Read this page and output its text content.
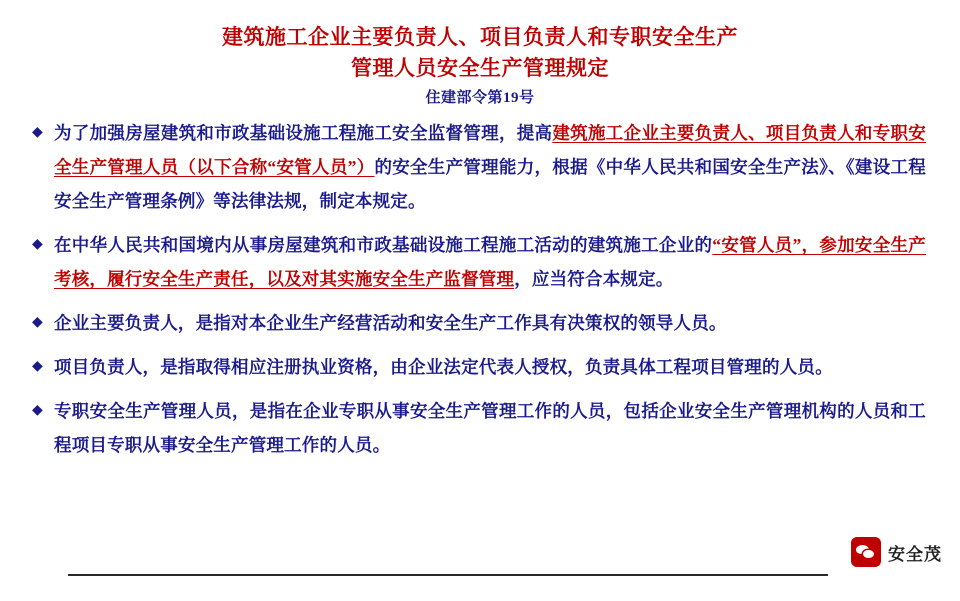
建筑施工企业主要负责人、项目负责人和专职安全生产
管理人员安全生产管理规定
住建部令第19号
◆ 为了加强房屋建筑和市政基础设施工程施工安全监督管理，提高建筑施工企业主要负责人、项目负责人和专职安全生产管理人员（以下合称“安管人员”）的安全生产管理能力，根据《中华人民共和国安全生产法》、《建设工程安全生产管理条例》等法律法规，制定本规定。
◆ 在中华人民共和国境内从事房屋建筑和市政基础设施工程施工活动的建筑施工企业的“安管人员”，参加安全生产考核，履行安全生产责任，以及对其实施安全生产监督管理，应当符合本规定。
◆ 企业主要负责人，是指对本企业生产经营活动和安全生产工作具有决策权的领导人员。
◆ 项目负责人，是指取得相应注册执业资格，由企业法定代表人授权，负责具体工程项目管理的人员。
◆ 专职安全生产管理人员，是指在企业专职从事安全生产管理工作的人员，包括企业安全生产管理机构的人员和工程项目专职从事安全生产管理工作的人员。
安全茂
